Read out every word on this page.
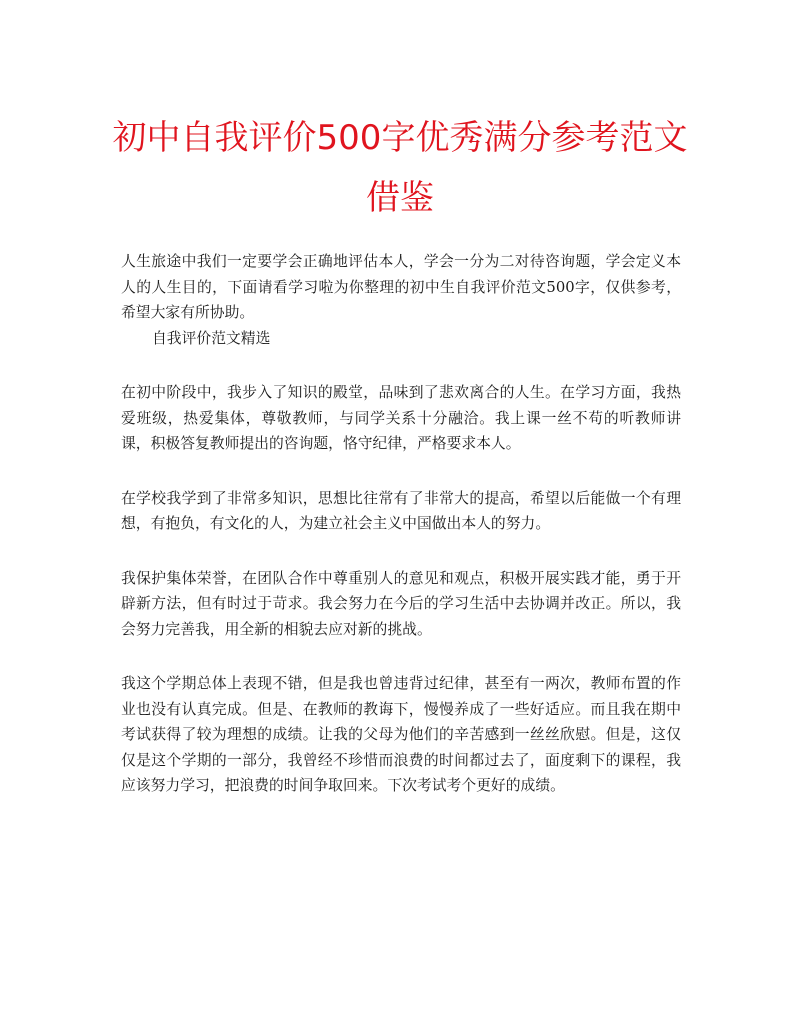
初中自我评价500字优秀满分参考范文借鉴

人生旅途中我们一定要学会正确地评估本人，学会一分为二对待咨询题，学会定义本人的人生目的，下面请看学习啦为你整理的初中生自我评价范文500字，仅供参考，希望大家有所协助。

自我评价范文精选

在初中阶段中，我步入了知识的殿堂，品味到了悲欢离合的人生。在学习方面，我热爱班级，热爱集体，尊敬教师，与同学关系十分融洽。我上课一丝不苟的听教师讲课，积极答复教师提出的咨询题，恪守纪律，严格要求本人。

在学校我学到了非常多知识，思想比往常有了非常大的提高，希望以后能做一个有理想，有抱负，有文化的人，为建立社会主义中国做出本人的努力。

我保护集体荣誉，在团队合作中尊重别人的意见和观点，积极开展实践才能，勇于开辟新方法，但有时过于苛求。我会努力在今后的学习生活中去协调并改正。所以，我会努力完善我，用全新的相貌去应对新的挑战。

我这个学期总体上表现不错，但是我也曾违背过纪律，甚至有一两次，教师布置的作业也没有认真完成。但是、在教师的教诲下，慢慢养成了一些好适应。而且我在期中考试获得了较为理想的成绩。让我的父母为他们的辛苦感到一丝丝欣慰。但是，这仅仅是这个学期的一部分，我曾经不珍惜而浪费的时间都过去了，面度剩下的课程，我应该努力学习，把浪费的时间争取回来。下次考试考个更好的成绩。
